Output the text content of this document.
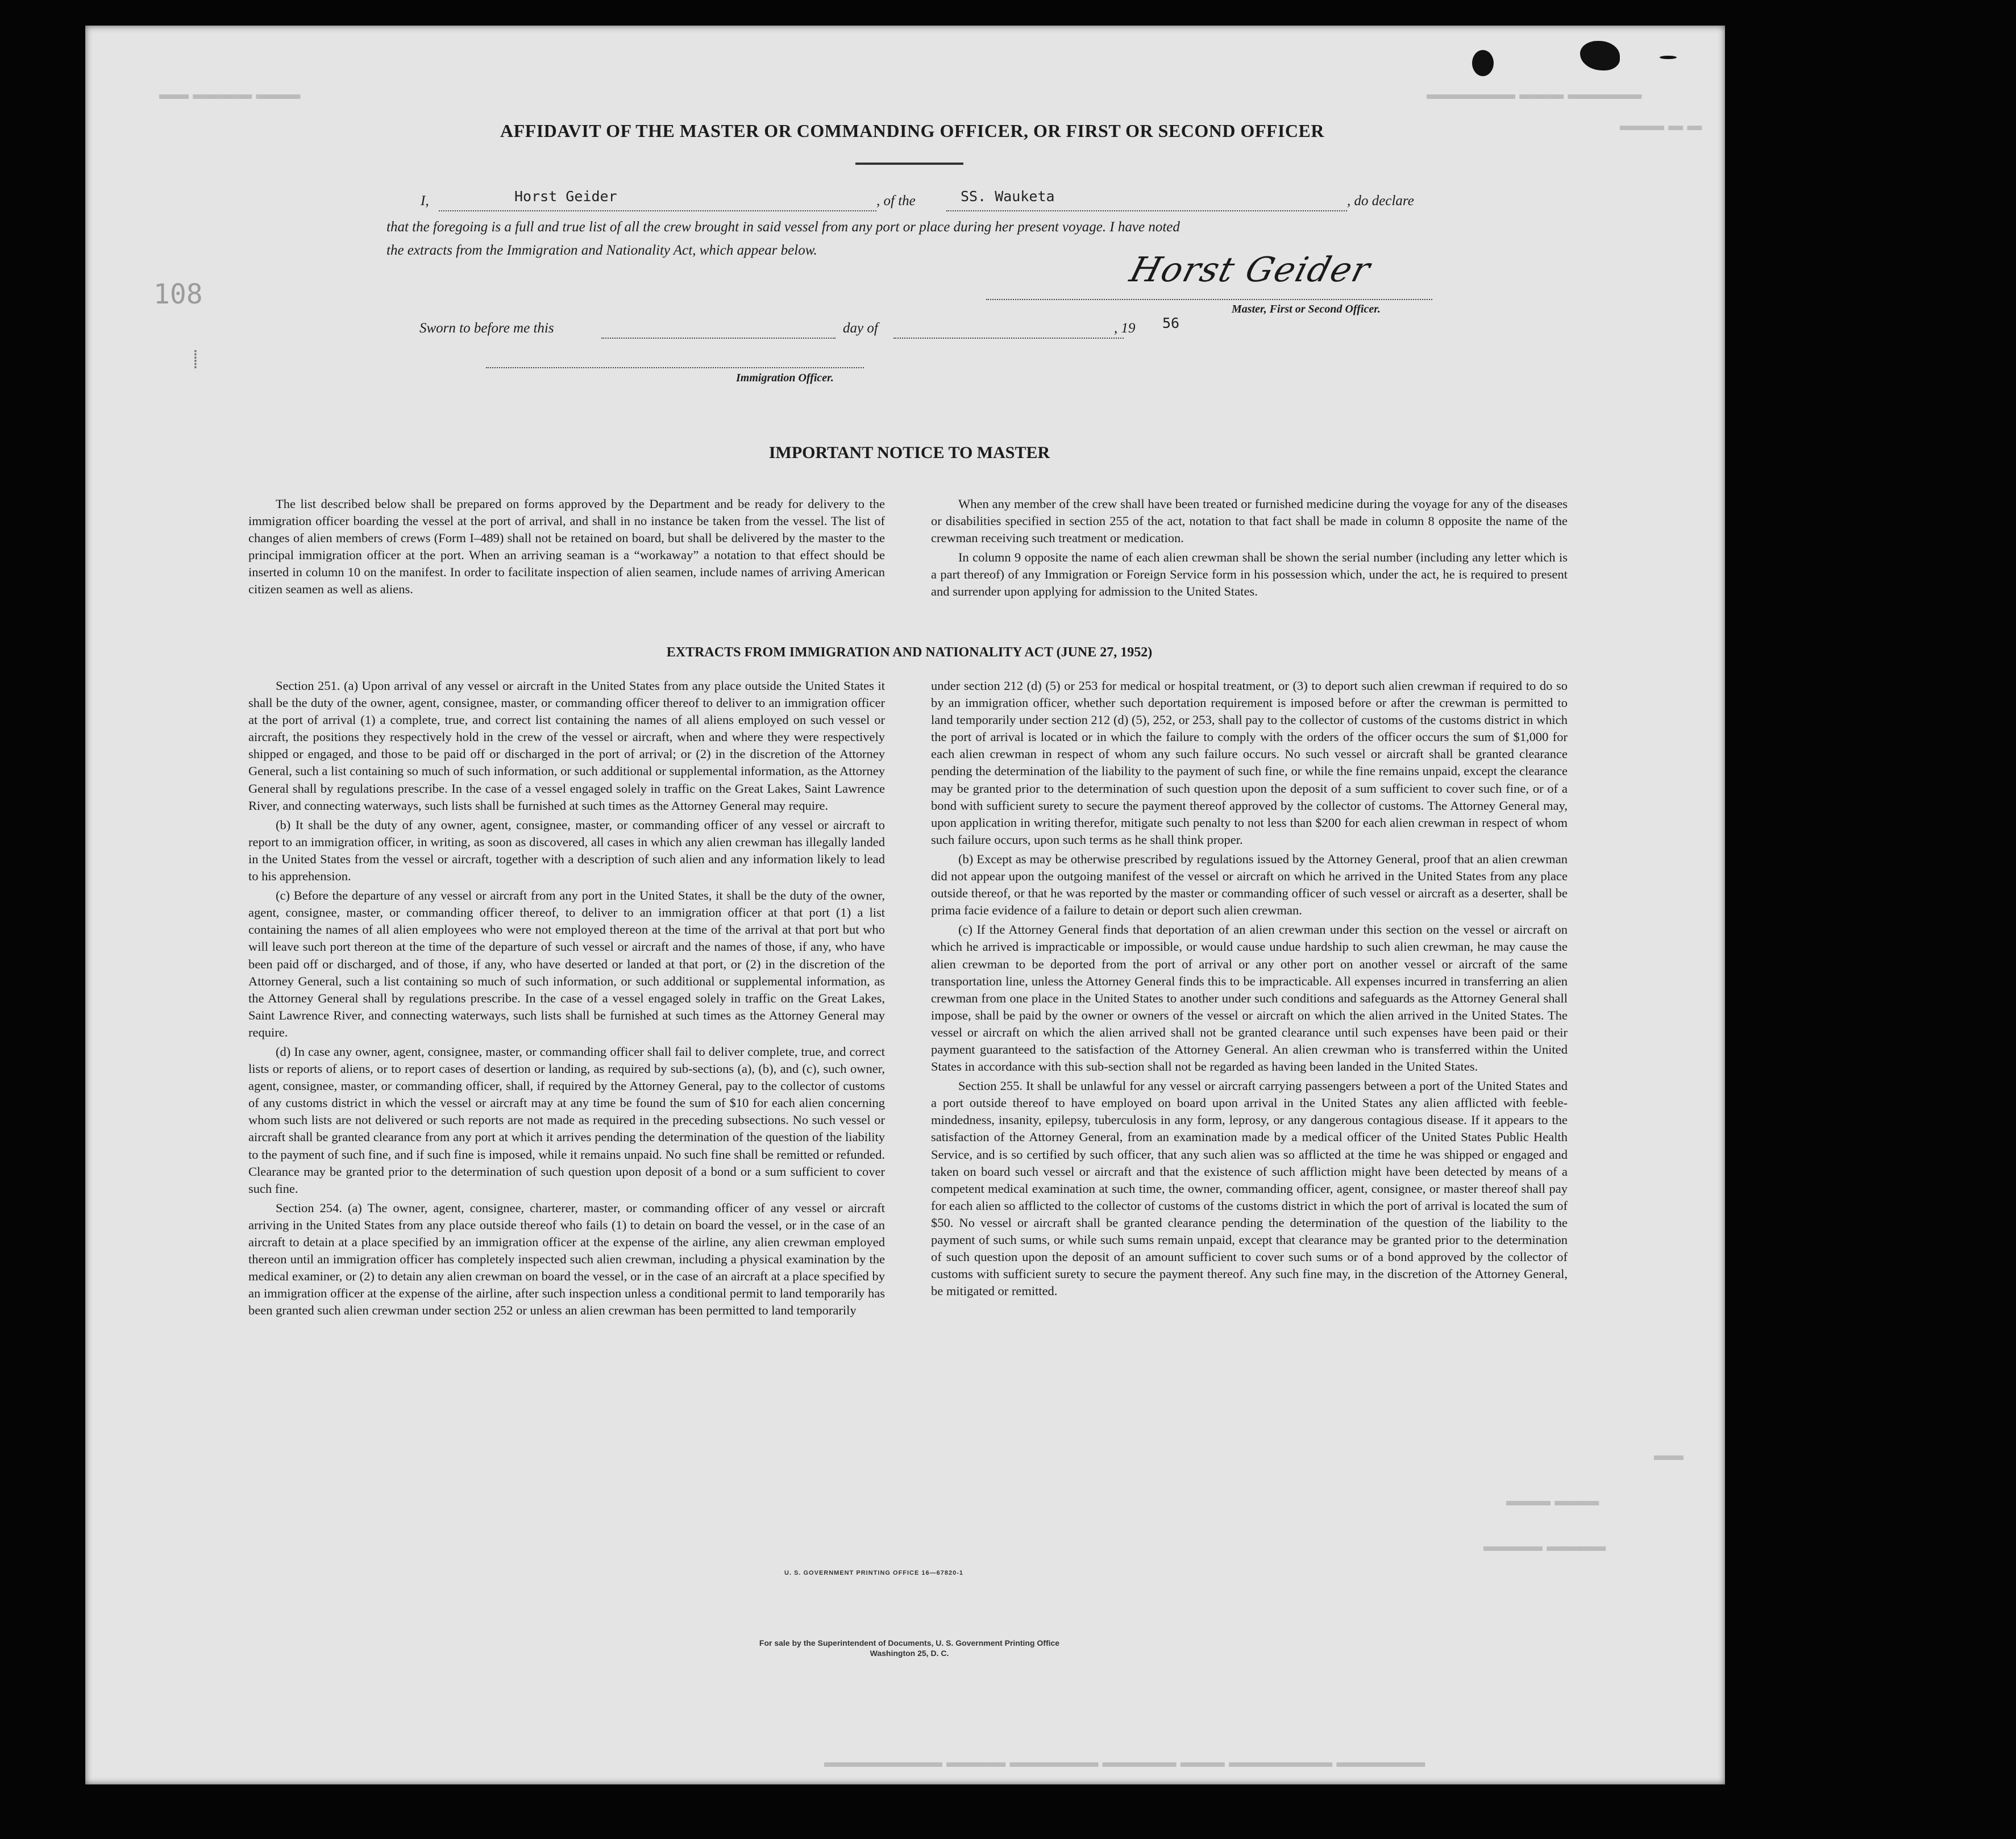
▬▬▬ ▬▬▬▬ ▬▬	▬▬▬▬▬ ▬▬▬ ▬▬▬▬▬▬
▬ ▬ ▬▬▬
▬▬
▬▬▬ ▬▬▬
▬▬▬▬ ▬▬▬▬
▬▬▬▬▬▬ ▬▬▬▬▬▬▬ ▬▬▬ ▬▬▬▬▬ ▬▬▬▬▬▬ ▬▬▬▬ ▬▬▬▬▬▬▬▬
108
⸽
AFFIDAVIT OF THE MASTER OR COMMANDING OFFICER, OR FIRST OR SECOND OFFICER
I,	Horst Geider	, of the	SS. Wauketa	, do declare
that the foregoing is a full and true list of all the crew brought in said vessel from any port or place during her present voyage. I have noted
the extracts from the Immigration and Nationality Act, which appear below.	Horst Geider
Master, First or Second Officer.
Sworn to before me this	day of	, 19 56
Immigration Officer.
IMPORTANT NOTICE TO MASTER

The list described below shall be prepared on forms approved by the Department and be ready for delivery to the immigration officer boarding the vessel at the port of arrival, and shall in no instance be taken from the vessel. The list of changes of alien members of crews (Form I–489) shall not be retained on board, but shall be delivered by the master to the principal immigration officer at the port. When an arriving seaman is a “workaway” a notation to that effect should be inserted in column 10 on the manifest. In order to facilitate inspection of alien seamen, include names of arriving American citizen seamen as well as aliens.

When any member of the crew shall have been treated or furnished medicine during the voyage for any of the diseases or disabilities specified in section 255 of the act, notation to that fact shall be made in column 8 opposite the name of the crewman receiving such treatment or medication.

In column 9 opposite the name of each alien crewman shall be shown the serial number (including any letter which is a part thereof) of any Immigration or Foreign Service form in his possession which, under the act, he is required to present and surrender upon applying for admission to the United States.

EXTRACTS FROM IMMIGRATION AND NATIONALITY ACT (JUNE 27, 1952)

Section 251. (a) Upon arrival of any vessel or aircraft in the United States from any place outside the United States it shall be the duty of the owner, agent, consignee, master, or commanding officer thereof to deliver to an immigration officer at the port of arrival (1) a complete, true, and correct list containing the names of all aliens employed on such vessel or aircraft, the positions they respectively hold in the crew of the vessel or aircraft, when and where they were respectively shipped or engaged, and those to be paid off or discharged in the port of arrival; or (2) in the discretion of the Attorney General, such a list containing so much of such information, or such additional or supplemental information, as the Attorney General shall by regulations prescribe. In the case of a vessel engaged solely in traffic on the Great Lakes, Saint Lawrence River, and connecting waterways, such lists shall be furnished at such times as the Attorney General may require.

(b) It shall be the duty of any owner, agent, consignee, master, or commanding officer of any vessel or aircraft to report to an immigration officer, in writing, as soon as discovered, all cases in which any alien crewman has illegally landed in the United States from the vessel or aircraft, together with a description of such alien and any information likely to lead to his apprehension.

(c) Before the departure of any vessel or aircraft from any port in the United States, it shall be the duty of the owner, agent, consignee, master, or commanding officer thereof, to deliver to an immigration officer at that port (1) a list containing the names of all alien employees who were not employed thereon at the time of the arrival at that port but who will leave such port thereon at the time of the departure of such vessel or aircraft and the names of those, if any, who have been paid off or discharged, and of those, if any, who have deserted or landed at that port, or (2) in the discretion of the Attorney General, such a list containing so much of such information, or such additional or supplemental information, as the Attorney General shall by regulations prescribe. In the case of a vessel engaged solely in traffic on the Great Lakes, Saint Lawrence River, and connecting waterways, such lists shall be furnished at such times as the Attorney General may require.

(d) In case any owner, agent, consignee, master, or commanding officer shall fail to deliver complete, true, and correct lists or reports of aliens, or to report cases of desertion or landing, as required by sub-sections (a), (b), and (c), such owner, agent, consignee, master, or commanding officer, shall, if required by the Attorney General, pay to the collector of customs of any customs district in which the vessel or aircraft may at any time be found the sum of $10 for each alien concerning whom such lists are not delivered or such reports are not made as required in the preceding subsections. No such vessel or aircraft shall be granted clearance from any port at which it arrives pending the determination of the question of the liability to the payment of such fine, and if such fine is imposed, while it remains unpaid. No such fine shall be remitted or refunded. Clearance may be granted prior to the determination of such question upon deposit of a bond or a sum sufficient to cover such fine.

Section 254. (a) The owner, agent, consignee, charterer, master, or commanding officer of any vessel or aircraft arriving in the United States from any place outside thereof who fails (1) to detain on board the vessel, or in the case of an aircraft to detain at a place specified by an immigration officer at the expense of the airline, any alien crewman employed thereon until an immigration officer has completely inspected such alien crewman, including a physical examination by the medical examiner, or (2) to detain any alien crewman on board the vessel, or in the case of an aircraft at a place specified by an immigration officer at the expense of the airline, after such inspection unless a conditional permit to land temporarily has been granted such alien crewman under section 252 or unless an alien crewman has been permitted to land temporarily

under section 212 (d) (5) or 253 for medical or hospital treatment, or (3) to deport such alien crewman if required to do so by an immigration officer, whether such deportation requirement is imposed before or after the crewman is permitted to land temporarily under section 212 (d) (5), 252, or 253, shall pay to the collector of customs of the customs district in which the port of arrival is located or in which the failure to comply with the orders of the officer occurs the sum of $1,000 for each alien crewman in respect of whom any such failure occurs. No such vessel or aircraft shall be granted clearance pending the determination of the liability to the payment of such fine, or while the fine remains unpaid, except the clearance may be granted prior to the determination of such question upon the deposit of a sum sufficient to cover such fine, or of a bond with sufficient surety to secure the payment thereof approved by the collector of customs. The Attorney General may, upon application in writing therefor, mitigate such penalty to not less than $200 for each alien crewman in respect of whom such failure occurs, upon such terms as he shall think proper.

(b) Except as may be otherwise prescribed by regulations issued by the Attorney General, proof that an alien crewman did not appear upon the outgoing manifest of the vessel or aircraft on which he arrived in the United States from any place outside thereof, or that he was reported by the master or commanding officer of such vessel or aircraft as a deserter, shall be prima facie evidence of a failure to detain or deport such alien crewman.

(c) If the Attorney General finds that deportation of an alien crewman under this section on the vessel or aircraft on which he arrived is impracticable or impossible, or would cause undue hardship to such alien crewman, he may cause the alien crewman to be deported from the port of arrival or any other port on another vessel or aircraft of the same transportation line, unless the Attorney General finds this to be impracticable. All expenses incurred in transferring an alien crewman from one place in the United States to another under such conditions and safeguards as the Attorney General shall impose, shall be paid by the owner or owners of the vessel or aircraft on which the alien arrived in the United States. The vessel or aircraft on which the alien arrived shall not be granted clearance until such expenses have been paid or their payment guaranteed to the satisfaction of the Attorney General. An alien crewman who is transferred within the United States in accordance with this sub-section shall not be regarded as having been landed in the United States.

Section 255. It shall be unlawful for any vessel or aircraft carrying passengers between a port of the United States and a port outside thereof to have employed on board upon arrival in the United States any alien afflicted with feeble-mindedness, insanity, epilepsy, tuberculosis in any form, leprosy, or any dangerous contagious disease. If it appears to the satisfaction of the Attorney General, from an examination made by a medical officer of the United States Public Health Service, and is so certified by such officer, that any such alien was so afflicted at the time he was shipped or engaged and taken on board such vessel or aircraft and that the existence of such affliction might have been detected by means of a competent medical examination at such time, the owner, commanding officer, agent, consignee, or master thereof shall pay for each alien so afflicted to the collector of customs of the customs district in which the port of arrival is located the sum of $50. No vessel or aircraft shall be granted clearance pending the determination of the question of the liability to the payment of such sums, or while such sums remain unpaid, except that clearance may be granted prior to the determination of such question upon the deposit of an amount sufficient to cover such sums or of a bond approved by the collector of customs with sufficient surety to secure the payment thereof. Any such fine may, in the discretion of the Attorney General, be mitigated or remitted.

U. S. GOVERNMENT PRINTING OFFICE 16—67820-1
For sale by the Superintendent of Documents, U. S. Government Printing Office
Washington 25, D. C.
